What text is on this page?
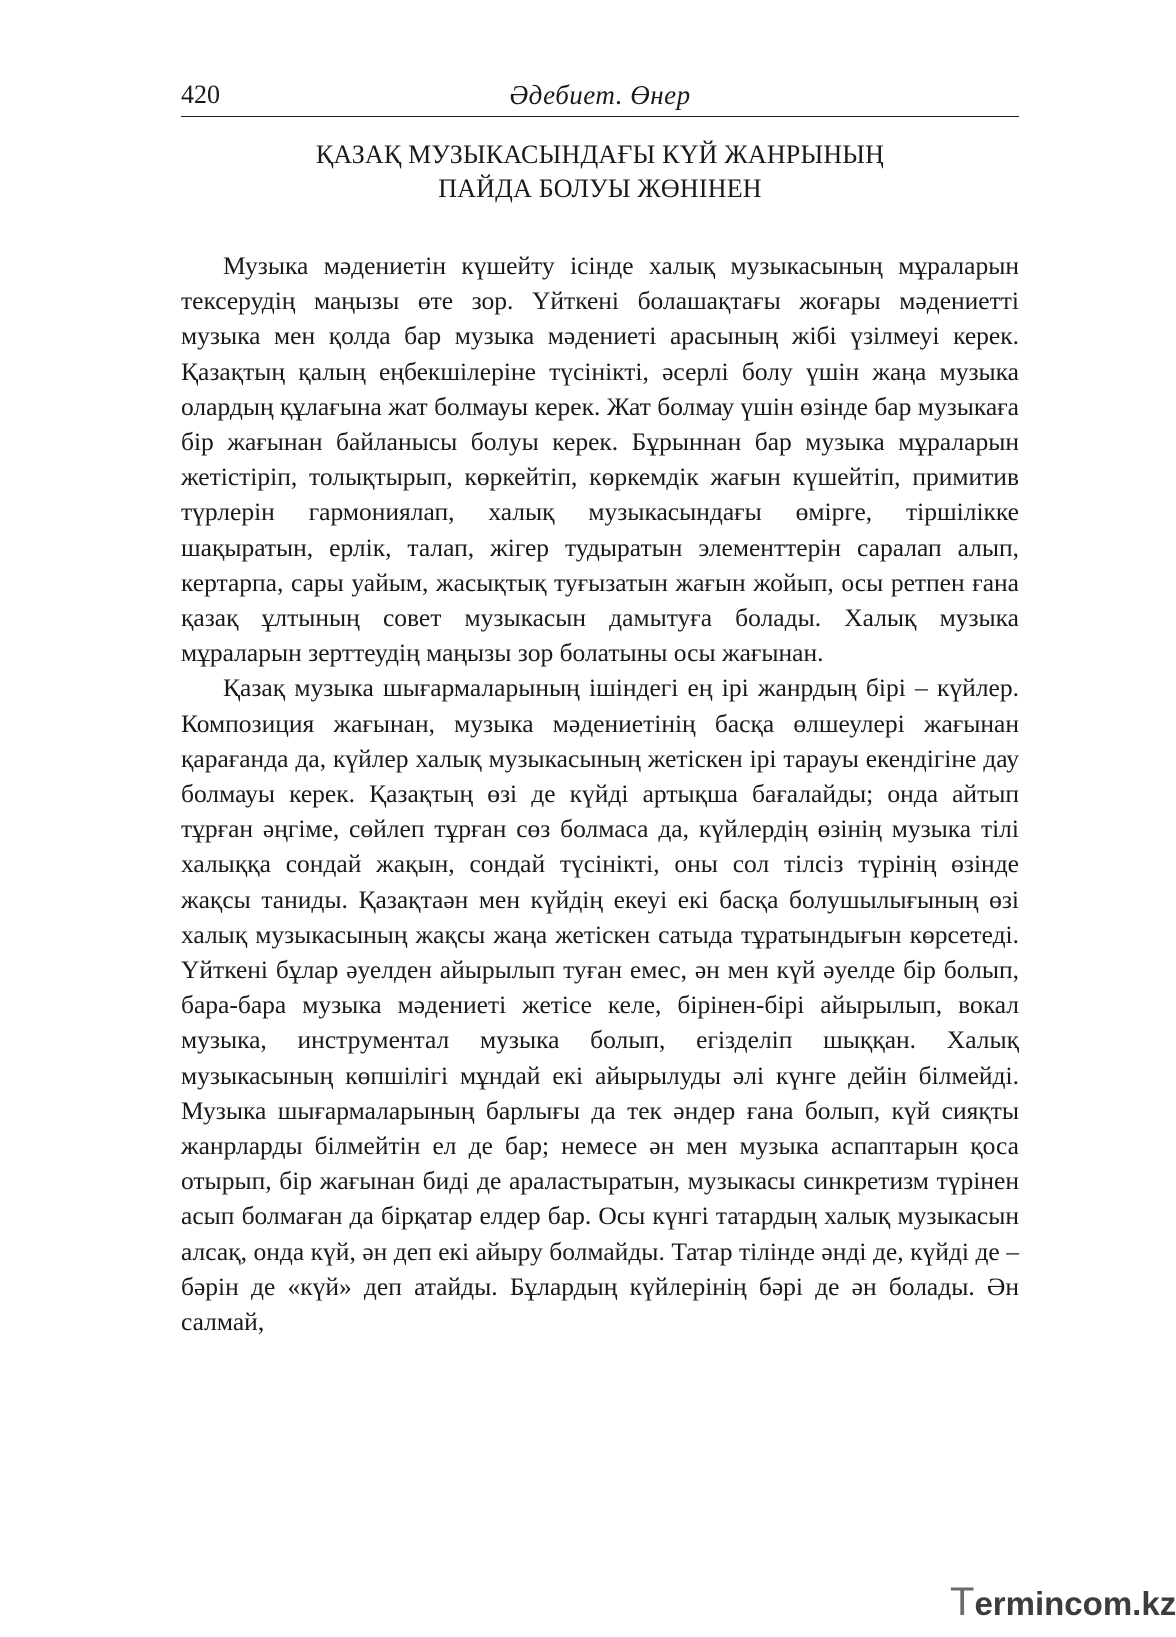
420	Әдебиет. Өнер
ҚАЗАҚ МУЗЫКАСЫНДАҒЫ КҮЙ ЖАНРЫНЫҢ
ПАЙДА БОЛУЫ ЖӨНІНЕН

Музыка мәдениетін күшейту ісінде халық музыкасының мұраларын тексерудің маңызы өте зор. Үйткені болашақтағы жоғары мәдениетті музыка мен қолда бар музыка мәдениеті арасының жібі үзілмеуі керек. Қазақтың қалың еңбекшілеріне түсінікті, әсерлі болу үшін жаңа музыка олардың құлағына жат болмауы керек. Жат болмау үшін өзінде бар музыкаға бір жағынан байланысы болуы керек. Бұрыннан бар музыка мұраларын жетістіріп, толықтырып, көркейтіп, көркемдік жағын күшейтіп, примитив түрлерін гармониялап, халық музыкасындағы өмірге, тіршілікке шақыратын, ерлік, талап, жігер тудыратын элементтерін саралап алып, кертарпа, сары уайым, жасықтық туғызатын жағын жойып, осы ретпен ғана қазақ ұлтының совет музыкасын дамытуға болады. Халық музыка мұраларын зерттеудің маңызы зор болатыны осы жағынан.

Қазақ музыка шығармаларының ішіндегі ең ірі жанрдың бірі – күйлер. Композиция жағынан, музыка мәдениетінің басқа өлшеулері жағынан қарағанда да, күйлер халық музыкасының жетіскен ірі тарауы екендігіне дау болмауы керек. Қазақтың өзі де күйді артықша бағалайды; онда айтып тұрған әңгіме, сөйлеп тұрған сөз болмаса да, күйлердің өзінің музыка тілі халыққа сондай жақын, сондай түсінікті, оны сол тілсіз түрінің өзінде жақсы таниды. Қазақтаән мен күйдің екеуі екі басқа болушылығының өзі халық музыкасының жақсы жаңа жетіскен сатыда тұратындығын көрсетеді. Үйткені бұлар әуелден айырылып туған емес, ән мен күй әуелде бір болып, бара-бара музыка мәдениеті жетісе келе, бірінен-бірі айырылып, вокал музыка, инструментал музыка болып, егізделіп шыққан. Халық музыкасының көпшілігі мұндай екі айырылуды әлі күнге дейін білмейді. Музыка шығармаларының барлығы да тек әндер ғана болып, күй сияқты жанрларды білмейтін ел де бар; немесе ән мен музыка аспаптарын қоса отырып, бір жағынан биді де араластыратын, музыкасы синкретизм түрінен асып болмаған да бірқатар елдер бар. Осы күнгі татардың халық музыкасын алсақ, онда күй, ән деп екі айыру болмайды. Татар тілінде әнді де, күйді де – бәрін де «күй» деп атайды. Бұлардың күйлерінің бәрі де ән болады. Ән салмай,

Termincom.kz
